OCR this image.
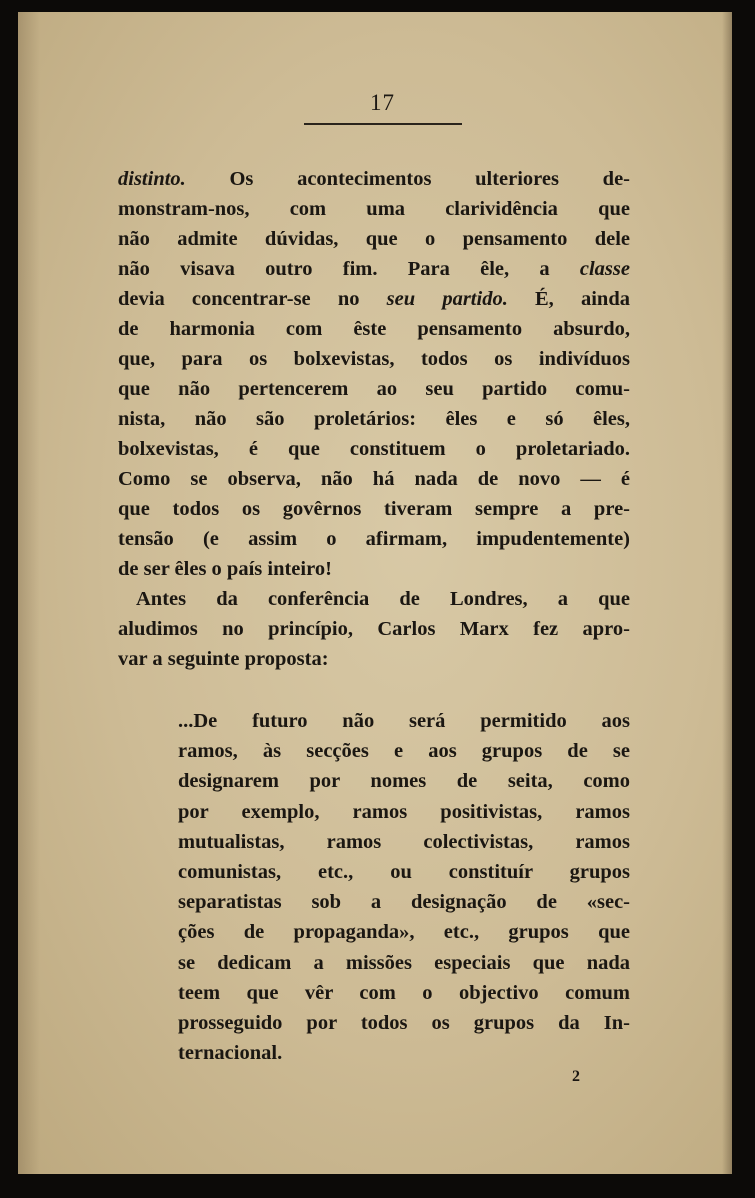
17
distinto. Os acontecimentos ulteriores de-
monstram-nos, com uma clarividência que
não admite dúvidas, que o pensamento dele
não visava outro fim. Para êle, a classe
devia concentrar-se no seu partido. É, ainda
de harmonia com êste pensamento absurdo,
que, para os bolxevistas, todos os indivíduos
que não pertencerem ao seu partido comu-
nista, não são proletários: êles e só êles,
bolxevistas, é que constituem o proletariado.
Como se observa, não há nada de novo — é
que todos os govêrnos tiveram sempre a pre-
tensão (e assim o afirmam, impudentemente)
de ser êles o país inteiro!
Antes da conferência de Londres, a que
aludimos no princípio, Carlos Marx fez apro-
var a seguinte proposta:
...De futuro não será permitido aos
ramos, às secções e aos grupos de se
designarem por nomes de seita, como
por exemplo, ramos positivistas, ramos
mutualistas, ramos colectivistas, ramos
comunistas, etc., ou constituír grupos
separatistas sob a designação de «sec-
ções de propaganda», etc., grupos que
se dedicam a missões especiais que nada
teem que vêr com o objectivo comum
prosseguido por todos os grupos da In-
ternacional.
2
